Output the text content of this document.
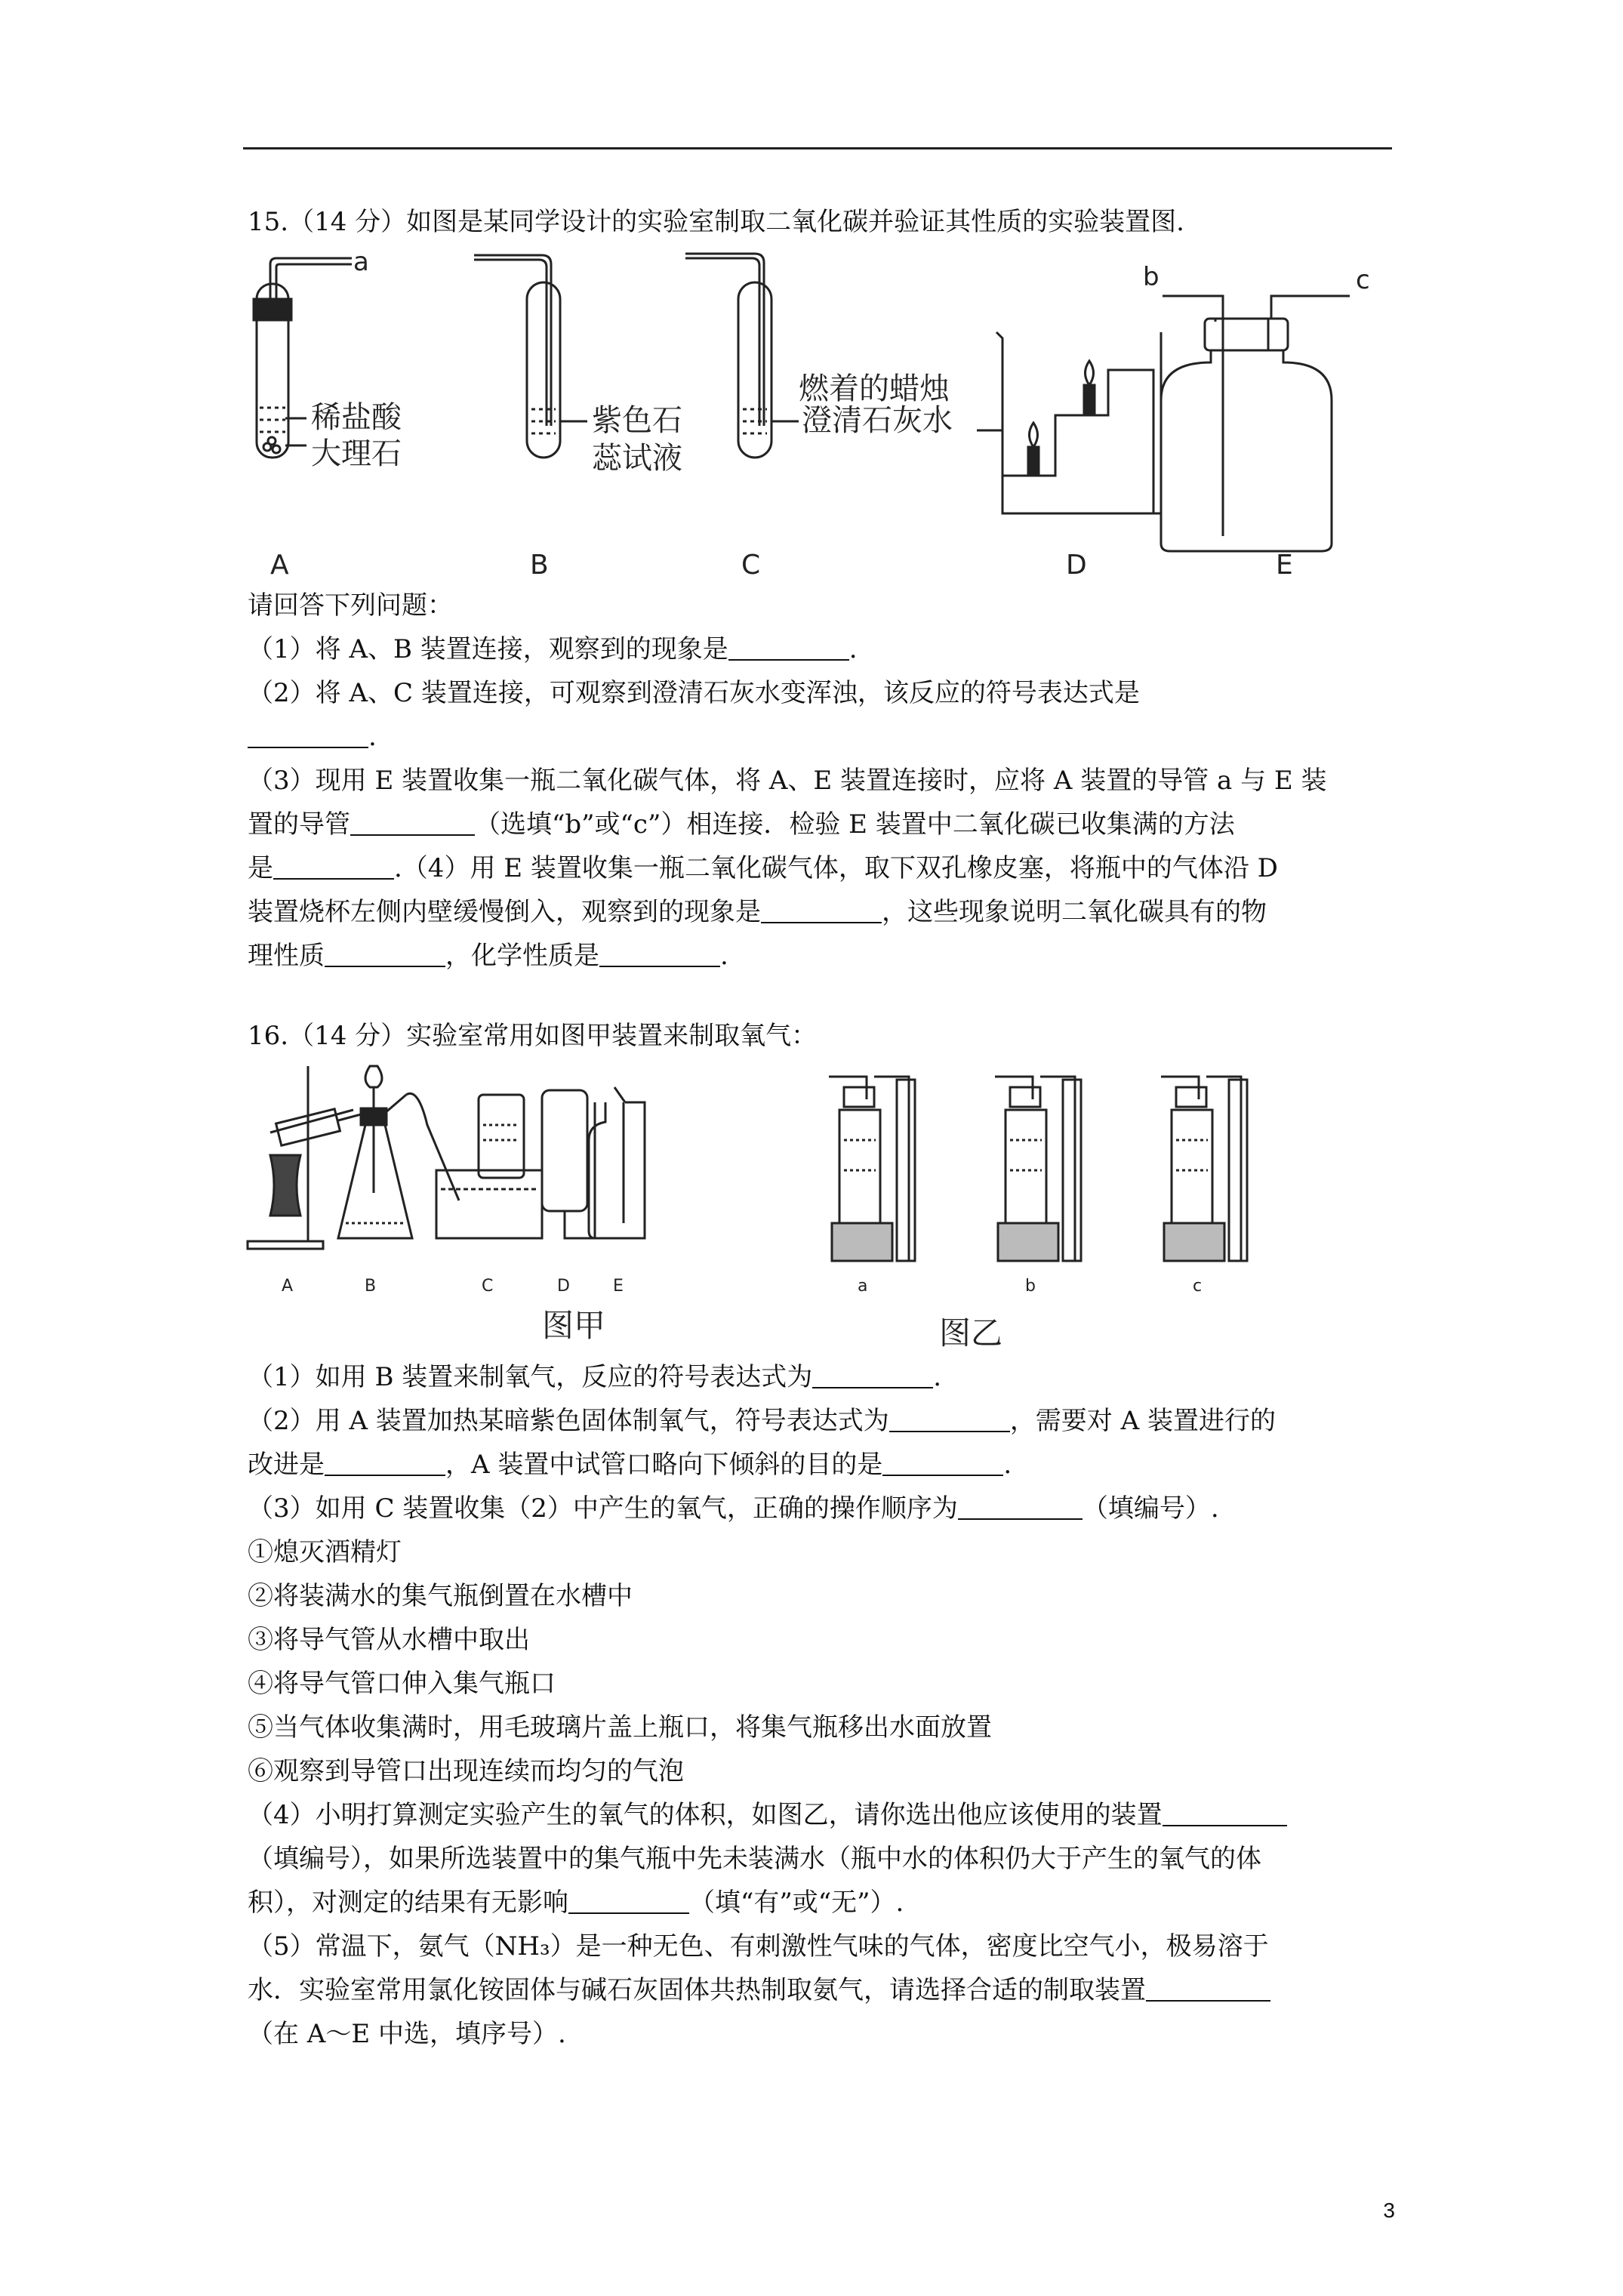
15.（14 分）如图是某同学设计的实验室制取二氧化碳并验证其性质的实验装置图.
a
稀盐酸
大理石
A
紫色石
蕊试液
B
澄清石灰水
C
燃着的蜡烛
D
b	c
E
请回答下列问题：
（1）将 A、B 装置连接，观察到的现象是	.
（2）将 A、C 装置连接，可观察到澄清石灰水变浑浊，该反应的符号表达式是
.
（3）现用 E 装置收集一瓶二氧化碳气体，将 A、E 装置连接时，应将 A 装置的导管 a 与 E 装
置的导管	（选填“b”或“c”）相连接．检验 E 装置中二氧化碳已收集满的方法
是	.（4）用 E 装置收集一瓶二氧化碳气体，取下双孔橡皮塞，将瓶中的气体沿 D
装置烧杯左侧内壁缓慢倒入，观察到的现象是	，这些现象说明二氧化碳具有的物
理性质	，化学性质是	.
16.（14 分）实验室常用如图甲装置来制取氧气：
A	B	C	D	E	a	b	c
图甲	图乙
（1）如用 B 装置来制氧气，反应的符号表达式为	.
（2）用 A 装置加热某暗紫色固体制氧气，符号表达式为	，需要对 A 装置进行的
改进是	，A 装置中试管口略向下倾斜的目的是	.
（3）如用 C 装置收集（2）中产生的氧气，正确的操作顺序为	（填编号）.
①熄灭酒精灯
②将装满水的集气瓶倒置在水槽中
③将导气管从水槽中取出
④将导气管口伸入集气瓶口
⑤当气体收集满时，用毛玻璃片盖上瓶口，将集气瓶移出水面放置
⑥观察到导管口出现连续而均匀的气泡
（4）小明打算测定实验产生的氧气的体积，如图乙，请你选出他应该使用的装置
（填编号），如果所选装置中的集气瓶中先未装满水（瓶中水的体积仍大于产生的氧气的体
积），对测定的结果有无影响	（填“有”或“无”）.
（5）常温下，氨气（NH₃）是一种无色、有刺激性气味的气体，密度比空气小，极易溶于
水．实验室常用氯化铵固体与碱石灰固体共热制取氨气，请选择合适的制取装置
（在 A～E 中选，填序号）.
3
